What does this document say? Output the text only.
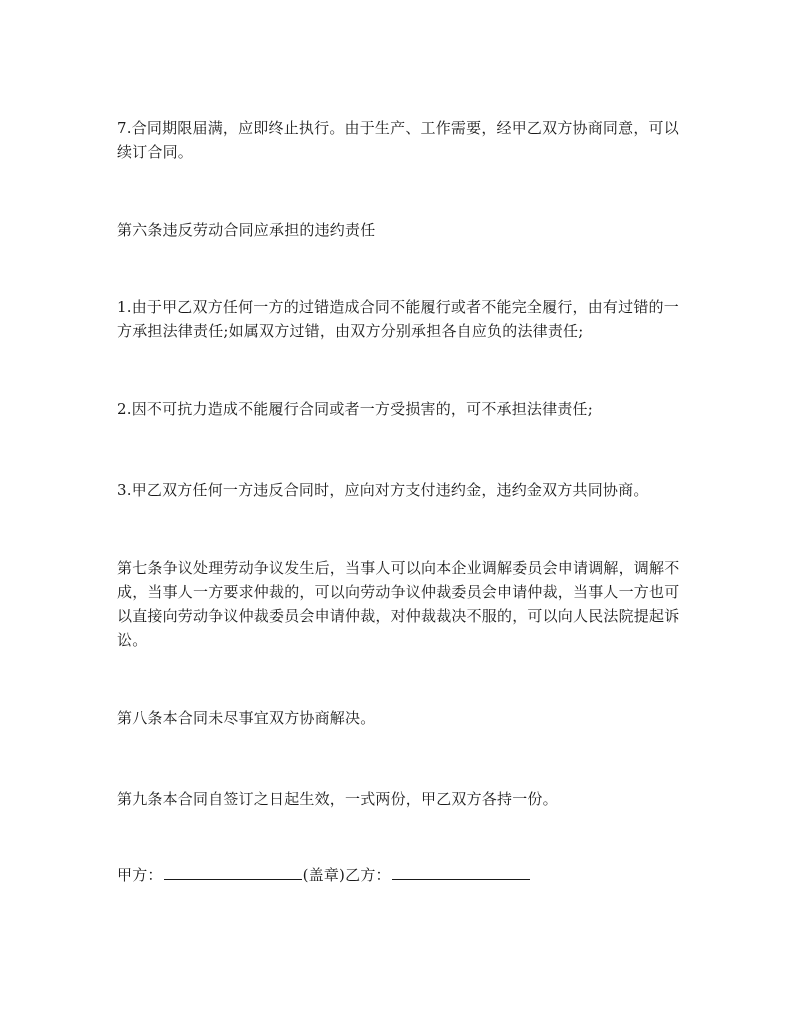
7.合同期限届满，应即终止执行。由于生产、工作需要，经甲乙双方协商同意，可以续订合同。

第六条违反劳动合同应承担的违约责任

1.由于甲乙双方任何一方的过错造成合同不能履行或者不能完全履行，由有过错的一方承担法律责任;如属双方过错，由双方分别承担各自应负的法律责任;

2.因不可抗力造成不能履行合同或者一方受损害的，可不承担法律责任;

3.甲乙双方任何一方违反合同时，应向对方支付违约金，违约金双方共同协商。

第七条争议处理劳动争议发生后，当事人可以向本企业调解委员会申请调解，调解不成，当事人一方要求仲裁的，可以向劳动争议仲裁委员会申请仲裁，当事人一方也可以直接向劳动争议仲裁委员会申请仲裁，对仲裁裁决不服的，可以向人民法院提起诉讼。

第八条本合同未尽事宜双方协商解决。

第九条本合同自签订之日起生效，一式两份，甲乙双方各持一份。

甲方：	(盖章)乙方：
